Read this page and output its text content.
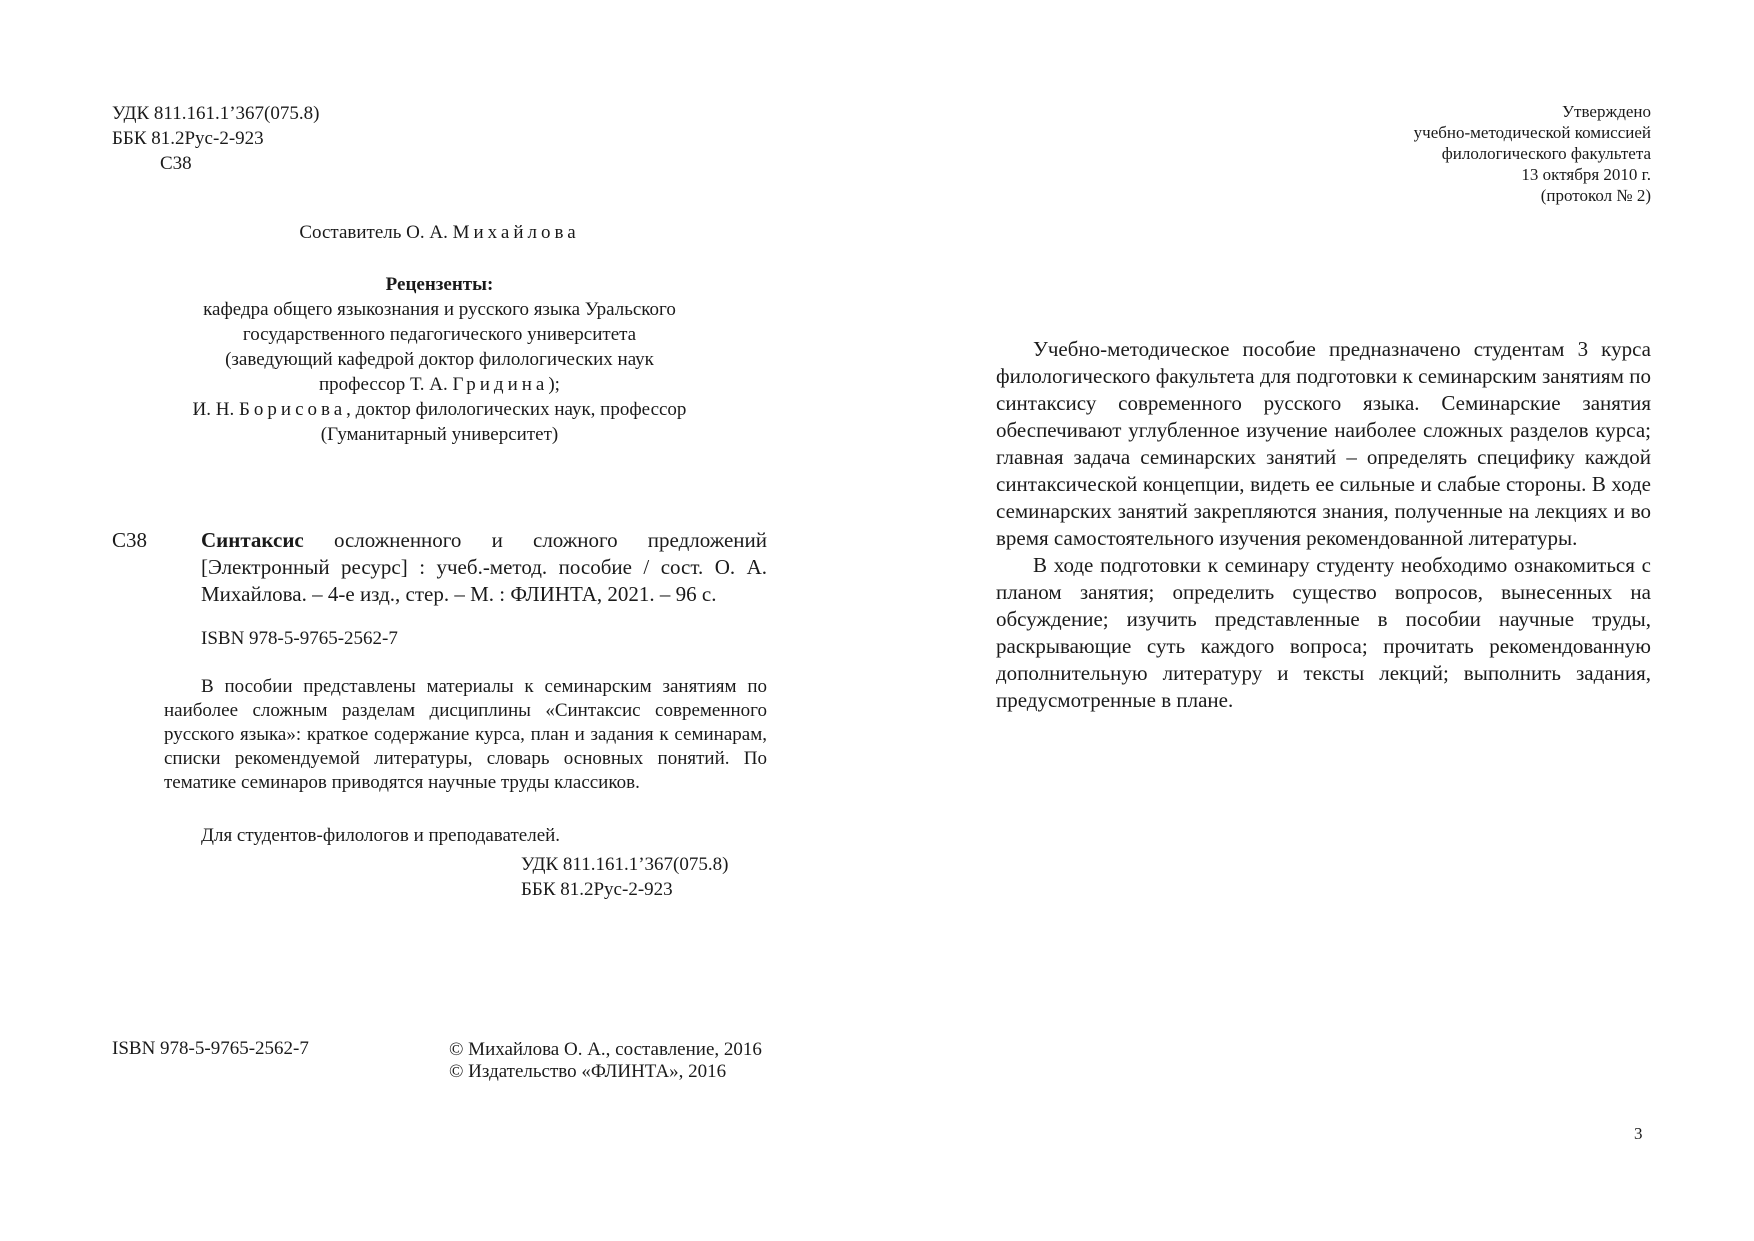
УДК 811.161.1’367(075.8)
ББК 81.2Рус-2-923
С38
Составитель О. А. Михайлова
Рецензенты:
кафедра общего языкознания и русского языка Уральского
государственного педагогического университета
(заведующий кафедрой доктор филологических наук
профессор Т. А. Гридина);
И. Н. Борисова, доктор филологических наук, профессор
(Гуманитарный университет)
С38	Синтаксис осложненного и сложного предложений [Электронный ресурс] : учеб.-метод. пособие / сост. О. А. Михайлова. – 4-е изд., стер. – М. : ФЛИНТА, 2021. – 96 с.
ISBN 978-5-9765-2562-7

В пособии представлены материалы к семинарским занятиям по наиболее сложным разделам дисциплины «Синтаксис современного русского языка»: краткое содержание курса, план и задания к семинарам, списки рекомендуемой литературы, словарь основных понятий. По тематике семинаров приводятся научные труды классиков.

Для студентов-филологов и преподавателей.
УДК 811.161.1’367(075.8)
ББК 81.2Рус-2-923
ISBN 978-5-9765-2562-7	© Михайлова О. А., составление, 2016
© Издательство «ФЛИНТА», 2016
Утверждено
учебно-методической комиссией
филологического факультета
13 октября 2010 г.
(протокол № 2)

Учебно-методическое пособие предназначено студентам 3 курса филологического факультета для подготовки к семинарским занятиям по синтаксису современного русского языка. Семинарские занятия обеспечивают углубленное изучение наиболее сложных разделов курса; главная задача семинарских занятий – определять специфику каждой синтаксической концепции, видеть ее сильные и слабые стороны. В ходе семинарских занятий закрепляются знания, полученные на лекциях и во время самостоятельного изучения рекомендованной литературы.

В ходе подготовки к семинару студенту необходимо ознакомиться с планом занятия; определить существо вопросов, вынесенных на обсуждение; изучить представленные в пособии научные труды, раскрывающие суть каждого вопроса; прочитать рекомендованную дополнительную литературу и тексты лекций; выполнить задания, предусмотренные в плане.

3
